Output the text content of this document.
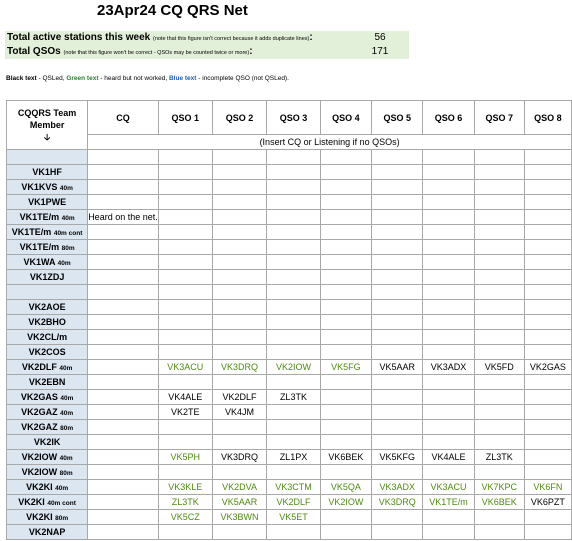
23Apr24 CQ QRS Net
Total active stations this week (note that this figure isn't correct because it adds duplicate lines):	56
Total QSOs (note that this figure won't be correct - QSOs may be counted twice or more):	171
Black text - QSLed, Green text - heard but not worked, Blue text - incomplete QSO (not QSLed).
CQQRS Team
Member
🡣	CQ	QSO 1	QSO 2	QSO 3	QSO 4	QSO 5	QSO 6	QSO 7	QSO 8
	(Insert CQ or Listening if no QSOs)								

VK1HF									
VK1KVS 40m									
VK1PWE									
VK1TE/m 40m	Heard on the net.								
VK1TE/m 40m cont									
VK1TE/m 80m									
VK1WA 40m									
VK1ZDJ									

VK2AOE									
VK2BHO									
VK2CL/m									
VK2COS									
VK2DLF 40m		VK3ACU	VK3DRQ	VK2IOW	VK5FG	VK5AAR	VK3ADX	VK5FD	VK2GAS
VK2EBN									
VK2GAS 40m		VK4ALE	VK2DLF	ZL3TK					
VK2GAZ 40m		VK2TE	VK4JM						
VK2GAZ 80m									
VK2IK									
VK2IOW 40m		VK5PH	VK3DRQ	ZL1PX	VK6BEK	VK5KFG	VK4ALE	ZL3TK	
VK2IOW 80m									
VK2KI 40m		VK3KLE	VK2DVA	VK3CTM	VK5QA	VK3ADX	VK3ACU	VK7KPC	VK6FN
VK2KI 40m cont		ZL3TK	VK5AAR	VK2DLF	VK2IOW	VK3DRQ	VK1TE/m	VK6BEK	VK6PZT
VK2KI 80m		VK5CZ	VK3BWN	VK5ET					
VK2NAP									
